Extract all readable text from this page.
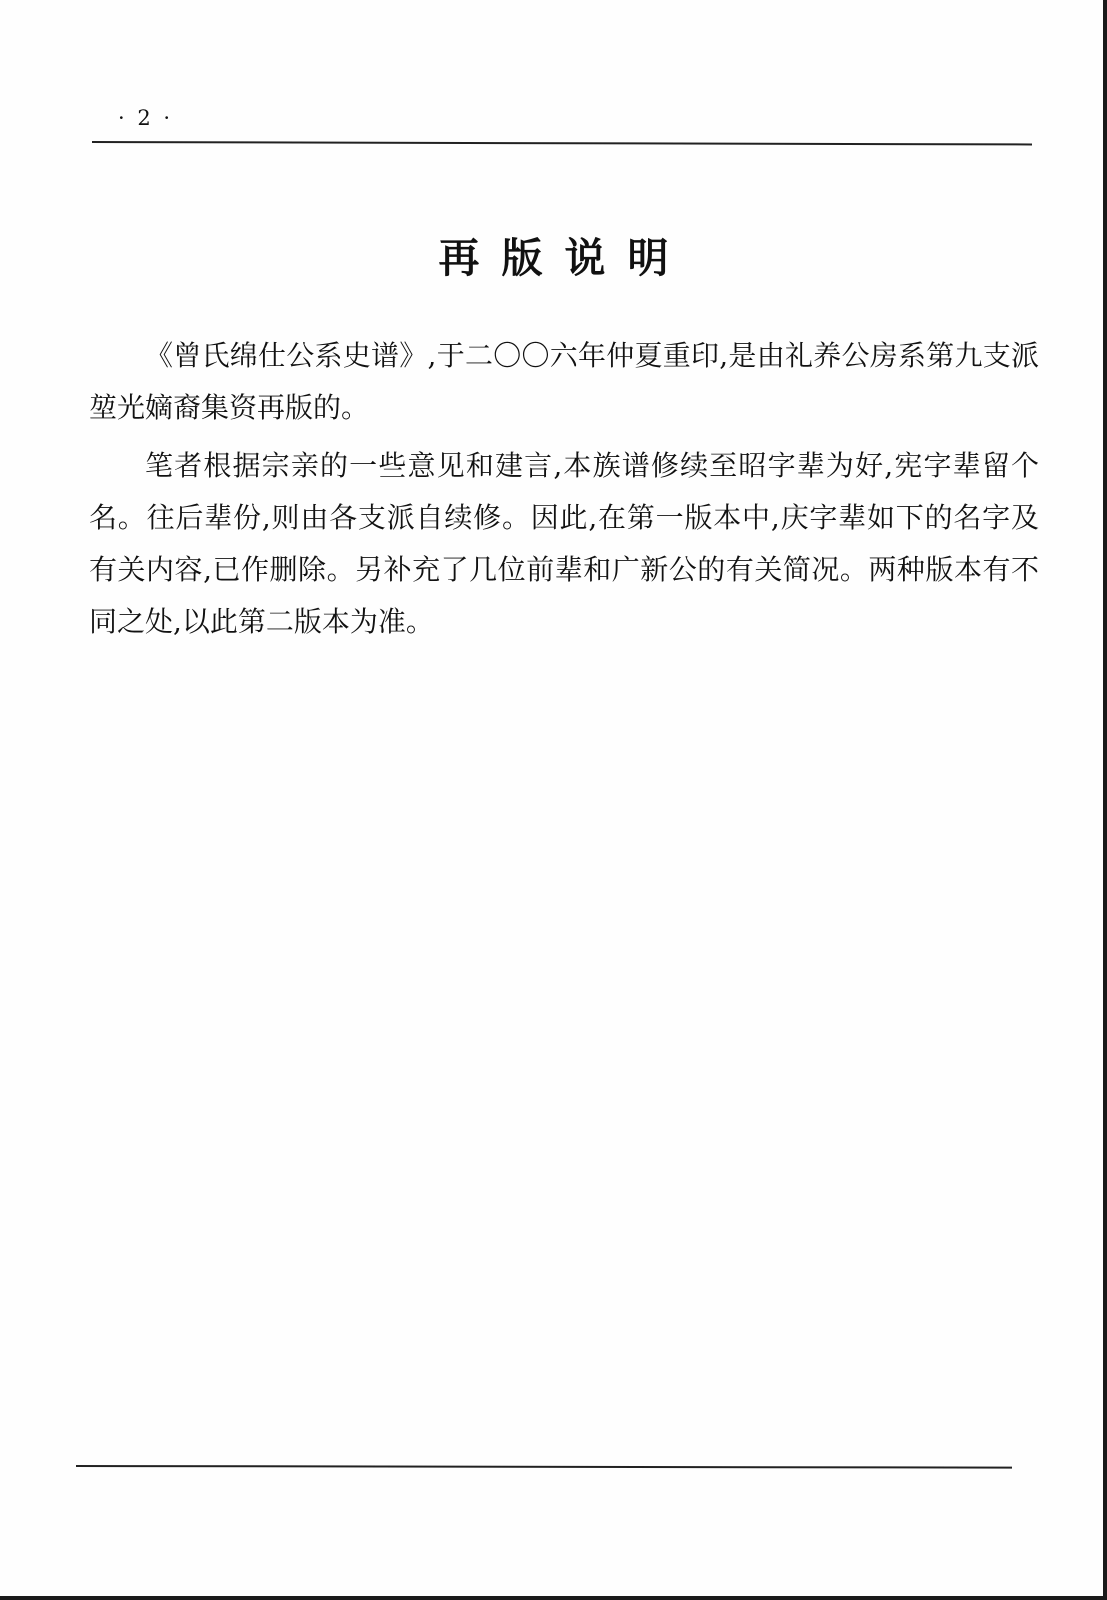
· 2 ·
再版说明

《曾氏绵仕公系史谱》,于二〇〇六年仲夏重印,是由礼养公房系第九支派堃光嫡裔集资再版的。

笔者根据宗亲的一些意见和建言,本族谱修续至昭字辈为好,宪字辈留个名。往后辈份,则由各支派自续修。因此,在第一版本中,庆字辈如下的名字及有关内容,已作删除。另补充了几位前辈和广新公的有关简况。两种版本有不同之处,以此第二版本为准。
